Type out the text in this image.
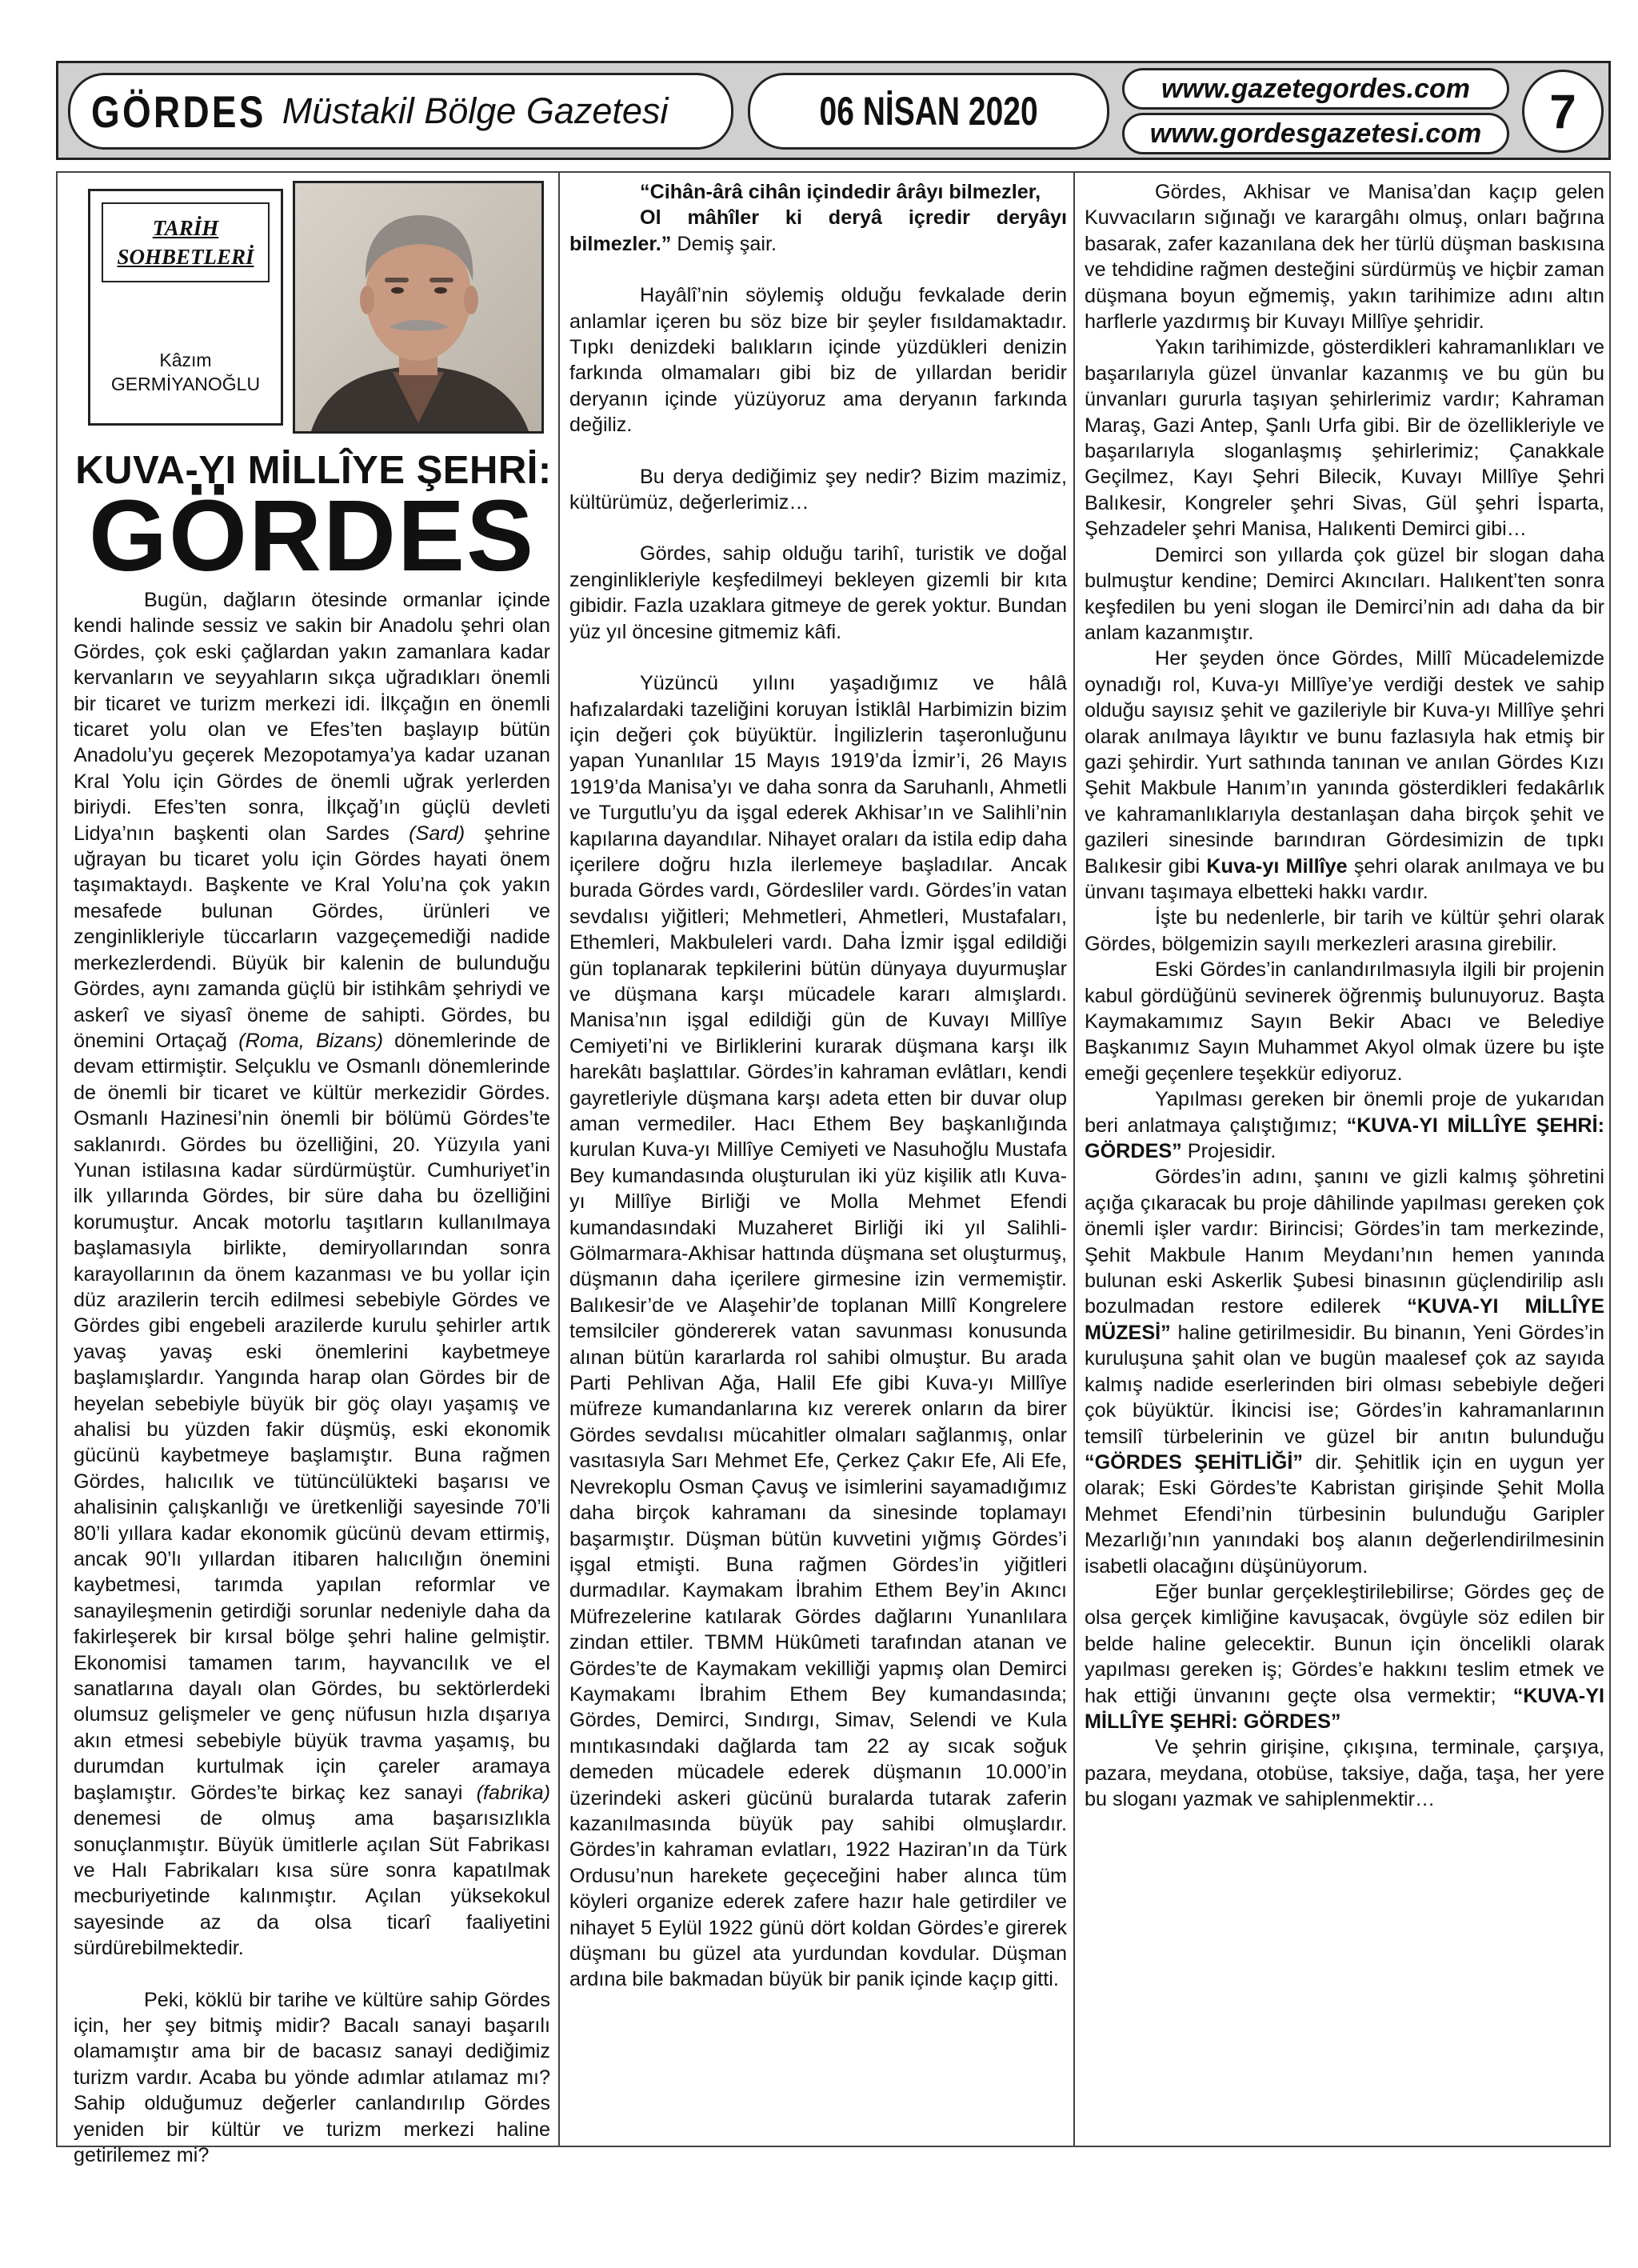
GÖRDES Müstakil Bölge Gazetesi	06 NİSAN 2020
www.gazetegordes.com
www.gordesgazetesi.com	7
TARİH
SOHBETLERİ
Kâzım
GERMİYANOĞLU
KUVA-YI MİLLÎYE ŞEHRİ:
GÖRDES

Bugün, dağların ötesinde ormanlar içinde kendi halinde sessiz ve sakin bir Anadolu şehri olan Gördes, çok eski çağlardan yakın zamanlara kadar kervanların ve seyyahların sıkça uğradıkları önemli bir ticaret ve turizm merkezi idi. İlkçağın en önemli ticaret yolu olan ve Efes’ten başlayıp bütün Anadolu’yu geçerek Mezopotamya’ya kadar uzanan Kral Yolu için Gördes de önemli uğrak yerlerden biriydi. Efes’ten sonra, İlkçağ’ın güçlü devleti Lidya’nın başkenti olan Sardes (Sard) şehrine uğrayan bu ticaret yolu için Gördes hayati önem taşımaktaydı. Başkente ve Kral Yolu’na çok yakın mesafede bulunan Gördes, ürünleri ve zenginlikleriyle tüccarların vazgeçemediği nadide merkezlerdendi. Büyük bir kalenin de bulunduğu Gördes, aynı zamanda güçlü bir istihkâm şehriydi ve askerî ve siyasî öneme de sahipti. Gördes, bu önemini Ortaçağ (Roma, Bizans) dönemlerinde de devam ettirmiştir. Selçuklu ve Osmanlı dönemlerinde de önemli bir ticaret ve kültür merkezidir Gördes. Osmanlı Hazinesi’nin önemli bir bölümü Gördes’te saklanırdı. Gördes bu özelliğini, 20. Yüzyıla yani Yunan istilasına kadar sürdürmüştür. Cumhuriyet’in ilk yıllarında Gördes, bir süre daha bu özelliğini korumuştur. Ancak motorlu taşıtların kullanılmaya başlamasıyla birlikte, demiryollarından sonra karayollarının da önem kazanması ve bu yollar için düz arazilerin tercih edilmesi sebebiyle Gördes ve Gördes gibi engebeli arazilerde kurulu şehirler artık yavaş yavaş eski önemlerini kaybetmeye başlamışlardır. Yangında harap olan Gördes bir de heyelan sebebiyle büyük bir göç olayı yaşamış ve ahalisi bu yüzden fakir düşmüş, eski ekonomik gücünü kaybetmeye başlamıştır. Buna rağmen Gördes, halıcılık ve tütüncülükteki başarısı ve ahalisinin çalışkanlığı ve üretkenliği sayesinde 70’li 80’li yıllara kadar ekonomik gücünü devam ettirmiş, ancak 90’lı yıllardan itibaren halıcılığın önemini kaybetmesi, tarımda yapılan reformlar ve sanayileşmenin getirdiği sorunlar nedeniyle daha da fakirleşerek bir kırsal bölge şehri haline gelmiştir. Ekonomisi tamamen tarım, hayvancılık ve el sanatlarına dayalı olan Gördes, bu sektörlerdeki olumsuz gelişmeler ve genç nüfusun hızla dışarıya akın etmesi sebebiyle büyük travma yaşamış, bu durumdan kurtulmak için çareler aramaya başlamıştır. Gördes’te birkaç kez sanayi (fabrika) denemesi de olmuş ama başarısızlıkla sonuçlanmıştır. Büyük ümitlerle açılan Süt Fabrikası ve Halı Fabrikaları kısa süre sonra kapatılmak mecburiyetinde kalınmıştır. Açılan yüksekokul sayesinde az da olsa ticarî faaliyetini sürdürebilmektedir.

Peki, köklü bir tarihe ve kültüre sahip Gördes için, her şey bitmiş midir? Bacalı sanayi başarılı olamamıştır ama bir de bacasız sanayi dediğimiz turizm vardır. Acaba bu yönde adımlar atılamaz mı? Sahip olduğumuz değerler canlandırılıp Gördes yeniden bir kültür ve turizm merkezi haline getirilemez mi?

“Cihân-ârâ cihân içindedir ârâyı bilmezler,

Ol mâhîler ki deryâ içredir deryâyı bilmezler.” Demiş şair.

Hayâlî’nin söylemiş olduğu fevkalade derin anlamlar içeren bu söz bize bir şeyler fısıldamaktadır. Tıpkı denizdeki balıkların içinde yüzdükleri denizin farkında olmamaları gibi biz de yıllardan beridir deryanın içinde yüzüyoruz ama deryanın farkında değiliz.

Bu derya dediğimiz şey nedir? Bizim mazimiz, kültürümüz, değerlerimiz…

Gördes, sahip olduğu tarihî, turistik ve doğal zenginlikleriyle keşfedilmeyi bekleyen gizemli bir kıta gibidir. Fazla uzaklara gitmeye de gerek yoktur. Bundan yüz yıl öncesine gitmemiz kâfi.

Yüzüncü yılını yaşadığımız ve hâlâ hafızalardaki tazeliğini koruyan İstiklâl Harbimizin bizim için değeri çok büyüktür. İngilizlerin taşeronluğunu yapan Yunanlılar 15 Mayıs 1919’da İzmir’i, 26 Mayıs 1919’da Manisa’yı ve daha sonra da Saruhanlı, Ahmetli ve Turgutlu’yu da işgal ederek Akhisar’ın ve Salihli’nin kapılarına dayandılar. Nihayet oraları da istila edip daha içerilere doğru hızla ilerlemeye başladılar. Ancak burada Gördes vardı, Gördesliler vardı. Gördes’in vatan sevdalısı yiğitleri; Mehmetleri, Ahmetleri, Mustafaları, Ethemleri, Makbuleleri vardı. Daha İzmir işgal edildiği gün toplanarak tepkilerini bütün dünyaya duyurmuşlar ve düşmana karşı mücadele kararı almışlardı. Manisa’nın işgal edildiği gün de Kuvayı Millîye Cemiyeti’ni ve Birliklerini kurarak düşmana karşı ilk harekâtı başlattılar. Gördes’in kahraman evlâtları, kendi gayretleriyle düşmana karşı adeta etten bir duvar olup aman vermediler. Hacı Ethem Bey başkanlığında kurulan Kuva-yı Millîye Cemiyeti ve Nasuhoğlu Mustafa Bey kumandasında oluşturulan iki yüz kişilik atlı Kuva-yı Millîye Birliği ve Molla Mehmet Efendi kumandasındaki Muzaheret Birliği iki yıl Salihli- Gölmarmara-Akhisar hattında düşmana set oluşturmuş, düşmanın daha içerilere girmesine izin vermemiştir. Balıkesir’de ve Alaşehir’de toplanan Millî Kongrelere temsilciler göndererek vatan savunması konusunda alınan bütün kararlarda rol sahibi olmuştur. Bu arada Parti Pehlivan Ağa, Halil Efe gibi Kuva-yı Millîye müfreze kumandanlarına kız vererek onların da birer Gördes sevdalısı mücahitler olmaları sağlanmış, onlar vasıtasıyla Sarı Mehmet Efe, Çerkez Çakır Efe, Ali Efe, Nevrekoplu Osman Çavuş ve isimlerini sayamadığımız daha birçok kahramanı da sinesinde toplamayı başarmıştır. Düşman bütün kuvvetini yığmış Gördes’i işgal etmişti. Buna rağmen Gördes’in yiğitleri durmadılar. Kaymakam İbrahim Ethem Bey’in Akıncı Müfrezelerine katılarak Gördes dağlarını Yunanlılara zindan ettiler. TBMM Hükûmeti tarafından atanan ve Gördes’te de Kaymakam vekilliği yapmış olan Demirci Kaymakamı İbrahim Ethem Bey kumandasında; Gördes, Demirci, Sındırgı, Simav, Selendi ve Kula mıntıkasındaki dağlarda tam 22 ay sıcak soğuk demeden mücadele ederek düşmanın 10.000’in üzerindeki askeri gücünü buralarda tutarak zaferin kazanılmasında büyük pay sahibi olmuşlardır. Gördes’in kahraman evlatları, 1922 Haziran’ın da Türk Ordusu’nun harekete geçeceğini haber alınca tüm köyleri organize ederek zafere hazır hale getirdiler ve nihayet 5 Eylül 1922 günü dört koldan Gördes’e girerek düşmanı bu güzel ata yurdundan kovdular. Düşman ardına bile bakmadan büyük bir panik içinde kaçıp gitti.

Gördes, Akhisar ve Manisa’dan kaçıp gelen Kuvvacıların sığınağı ve karargâhı olmuş, onları bağrına basarak, zafer kazanılana dek her türlü düşman baskısına ve tehdidine rağmen desteğini sürdürmüş ve hiçbir zaman düşmana boyun eğmemiş, yakın tarihimize adını altın harflerle yazdırmış bir Kuvayı Millîye şehridir.

Yakın tarihimizde, gösterdikleri kahramanlıkları ve başarılarıyla güzel ünvanlar kazanmış ve bu gün bu ünvanları gururla taşıyan şehirlerimiz vardır; Kahraman Maraş, Gazi Antep, Şanlı Urfa gibi. Bir de özellikleriyle ve başarılarıyla sloganlaşmış şehirlerimiz; Çanakkale Geçilmez, Kayı Şehri Bilecik, Kuvayı Millîye Şehri Balıkesir, Kongreler şehri Sivas, Gül şehri İsparta, Şehzadeler şehri Manisa, Halıkenti Demirci gibi…

Demirci son yıllarda çok güzel bir slogan daha bulmuştur kendine; Demirci Akıncıları. Halıkent’ten sonra keşfedilen bu yeni slogan ile Demirci’nin adı daha da bir anlam kazanmıştır.

Her şeyden önce Gördes, Millî Mücadelemizde oynadığı rol, Kuva-yı Millîye’ye verdiği destek ve sahip olduğu sayısız şehit ve gazileriyle bir Kuva-yı Millîye şehri olarak anılmaya lâyıktır ve bunu fazlasıyla hak etmiş bir gazi şehirdir. Yurt sathında tanınan ve anılan Gördes Kızı Şehit Makbule Hanım’ın yanında gösterdikleri fedakârlık ve kahramanlıklarıyla destanlaşan daha birçok şehit ve gazileri sinesinde barındıran Gördesimizin de tıpkı Balıkesir gibi Kuva-yı Millîye şehri olarak anılmaya ve bu ünvanı taşımaya elbetteki hakkı vardır.

İşte bu nedenlerle, bir tarih ve kültür şehri olarak Gördes, bölgemizin sayılı merkezleri arasına girebilir.

Eski Gördes’in canlandırılmasıyla ilgili bir projenin kabul gördüğünü sevinerek öğrenmiş bulunuyoruz. Başta Kaymakamımız Sayın Bekir Abacı ve Belediye Başkanımız Sayın Muhammet Akyol olmak üzere bu işte emeği geçenlere teşekkür ediyoruz.

Yapılması gereken bir önemli proje de yukarıdan beri anlatmaya çalıştığımız; “KUVA-YI MİLLÎYE ŞEHRİ: GÖRDES” Projesidir.

Gördes’in adını, şanını ve gizli kalmış şöhretini açığa çıkaracak bu proje dâhilinde yapılması gereken çok önemli işler vardır: Birincisi; Gördes’in tam merkezinde, Şehit Makbule Hanım Meydanı’nın hemen yanında bulunan eski Askerlik Şubesi binasının güçlendirilip aslı bozulmadan restore edilerek “KUVA-YI MİLLÎYE MÜZESİ” haline getirilmesidir. Bu binanın, Yeni Gördes’in kuruluşuna şahit olan ve bugün maalesef çok az sayıda kalmış nadide eserlerinden biri olması sebebiyle değeri çok büyüktür. İkincisi ise; Gördes’in kahramanlarının temsilî türbelerinin ve güzel bir anıtın bulunduğu “GÖRDES ŞEHİTLİĞİ” dir. Şehitlik için en uygun yer olarak; Eski Gördes’te Kabristan girişinde Şehit Molla Mehmet Efendi’nin türbesinin bulunduğu Garipler Mezarlığı’nın yanındaki boş alanın değerlendirilmesinin isabetli olacağını düşünüyorum.

Eğer bunlar gerçekleştirilebilirse; Gördes geç de olsa gerçek kimliğine kavuşacak, övgüyle söz edilen bir belde haline gelecektir. Bunun için öncelikli olarak yapılması gereken iş; Gördes’e hakkını teslim etmek ve hak ettiği ünvanını geçte olsa vermektir; “KUVA-YI MİLLÎYE ŞEHRİ: GÖRDES”

Ve şehrin girişine, çıkışına, terminale, çarşıya, pazara, meydana, otobüse, taksiye, dağa, taşa, her yere bu sloganı yazmak ve sahiplenmektir…
